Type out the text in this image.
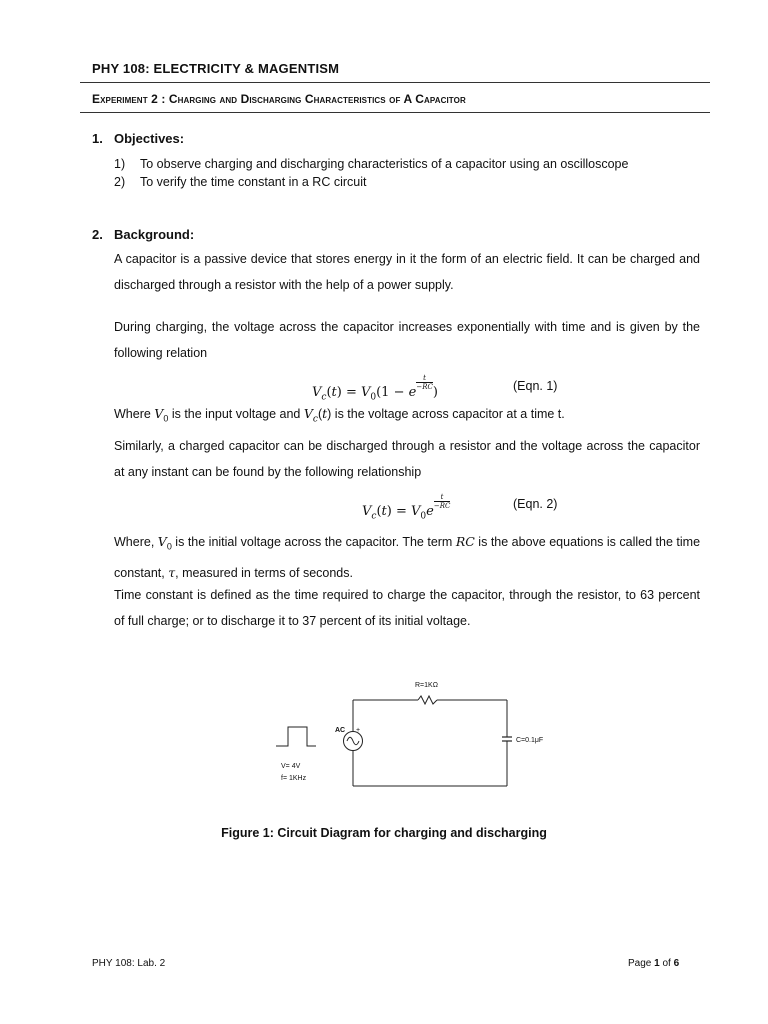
PHY 108: ELECTRICITY & MAGENTISM
Experiment 2 : Charging and Discharging Characteristics of A Capacitor
1. Objectives:
1) To observe charging and discharging characteristics of a capacitor using an oscilloscope
2) To verify the time constant in a RC circuit
2. Background:
A capacitor is a passive device that stores energy in it the form of an electric field. It can be charged and discharged through a resistor with the help of a power supply.
During charging, the voltage across the capacitor increases exponentially with time and is given by the following relation
$V_c(t) = V_0(1 - e$
$\frac{t}{-RC}$
)	(Eqn. 1)
Where $V_0$ is the input voltage and $V_c(t)$ is the voltage across capacitor at a time t.
Similarly, a charged capacitor can be discharged through a resistor and the voltage across the capacitor at any instant can be found by the following relationship
$V_c(t) = V_0e$
$\frac{t}{-RC}$	(Eqn. 2)
Where, $V_0$ is the initial voltage across the capacitor. The term RC is the above equations is called the time constant, τ, measured in terms of seconds.
Time constant is defined as the time required to charge the capacitor, through the resistor, to 63 percent of full charge; or to discharge it to 37 percent of its initial voltage.
V= 4V
f= 1KHz
AC +
R=1KΩ
C=0.1μF
Figure 1: Circuit Diagram for charging and discharging
PHY 108: Lab. 2	Page 1 of 6
